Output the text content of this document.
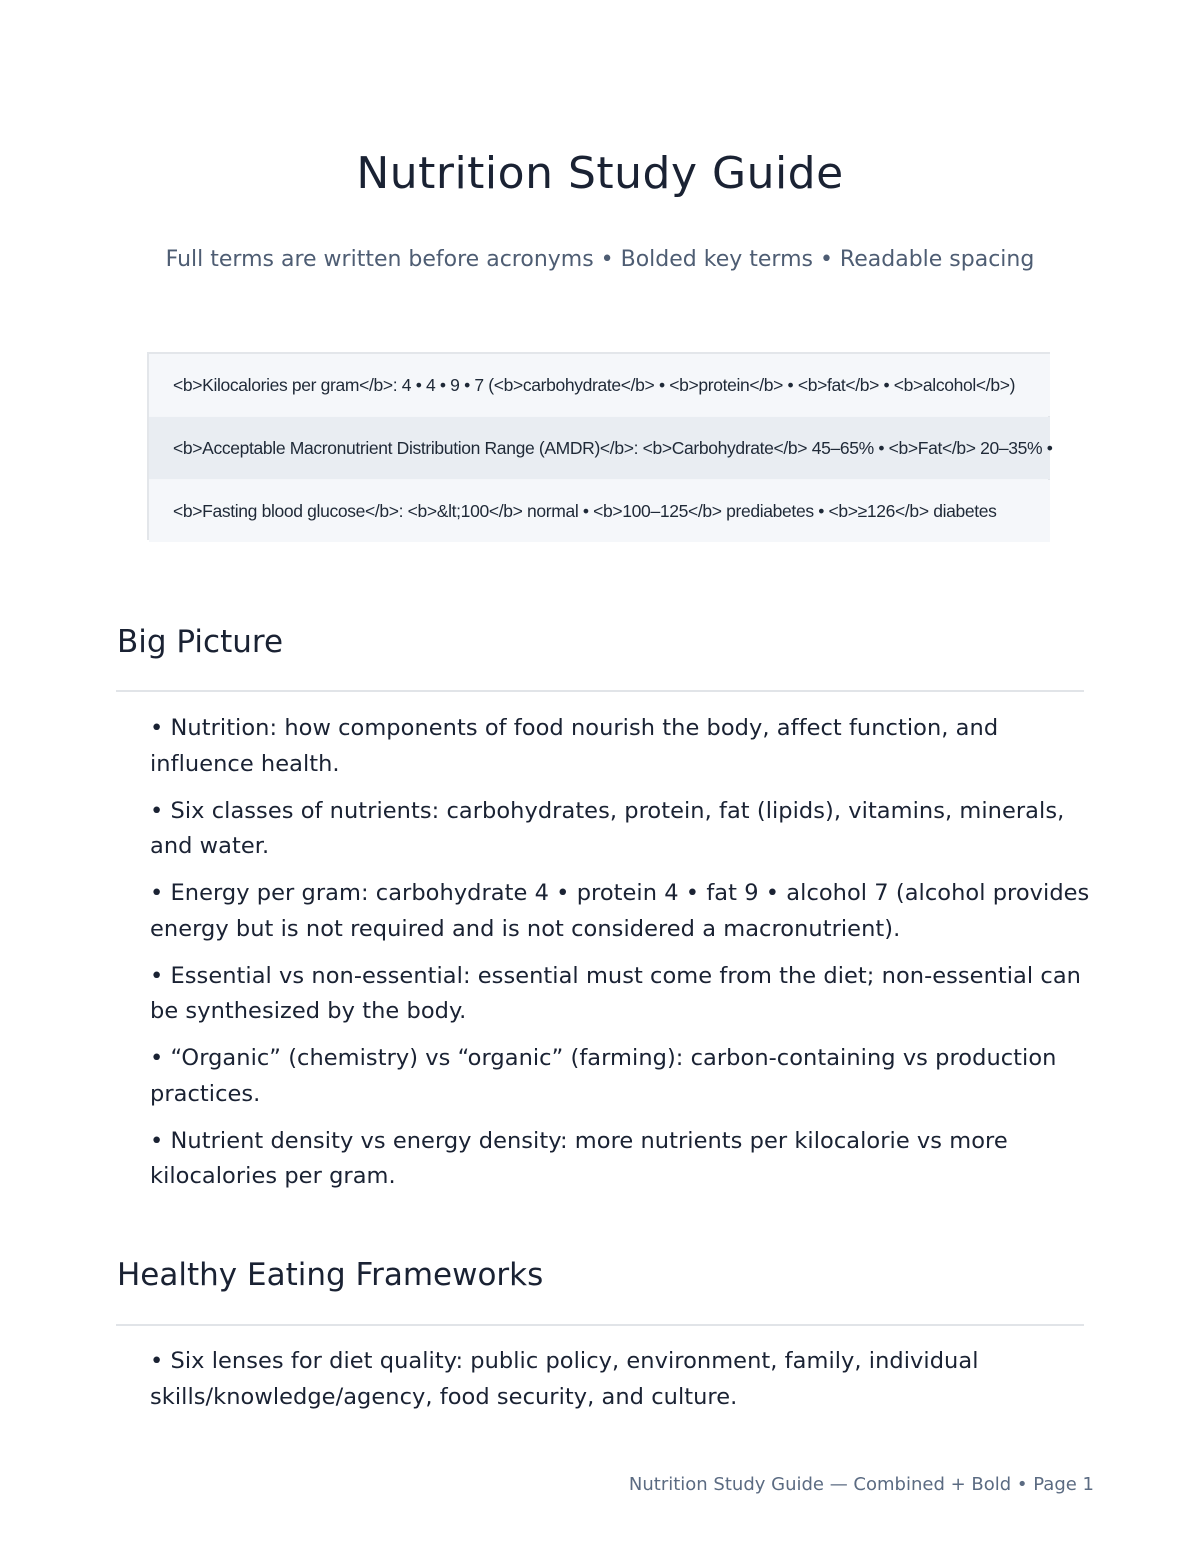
Nutrition Study Guide

Full terms are written before acronyms • Bolded key terms • Readable spacing

<b>Kilocalories per gram</b>: 4 • 4 • 9 • 7 (<b>carbohydrate</b> • <b>protein</b> • <b>fat</b> • <b>alcohol</b>)
<b>Acceptable Macronutrient Distribution Range (AMDR)</b>: <b>Carbohydrate</b> 45–65% • <b>Fat</b> 20–35% •
<b>Fasting blood glucose</b>: <b>&lt;100</b> normal • <b>100–125</b> prediabetes • <b>≥126</b> diabetes
Big Picture
• Nutrition: how components of food nourish the body, affect function, and influence health.
• Six classes of nutrients: carbohydrates, protein, fat (lipids), vitamins, minerals, and water.
• Energy per gram: carbohydrate 4 • protein 4 • fat 9 • alcohol 7 (alcohol provides energy but is not required and is not considered a macronutrient).
• Essential vs non-essential: essential must come from the diet; non-essential can be synthesized by the body.
• “Organic” (chemistry) vs “organic” (farming): carbon-containing vs production practices.
• Nutrient density vs energy density: more nutrients per kilocalorie vs more kilocalories per gram.
Healthy Eating Frameworks
• Six lenses for diet quality: public policy, environment, family, individual skills/knowledge/agency, food security, and culture.
Nutrition Study Guide — Combined + Bold • Page 1
